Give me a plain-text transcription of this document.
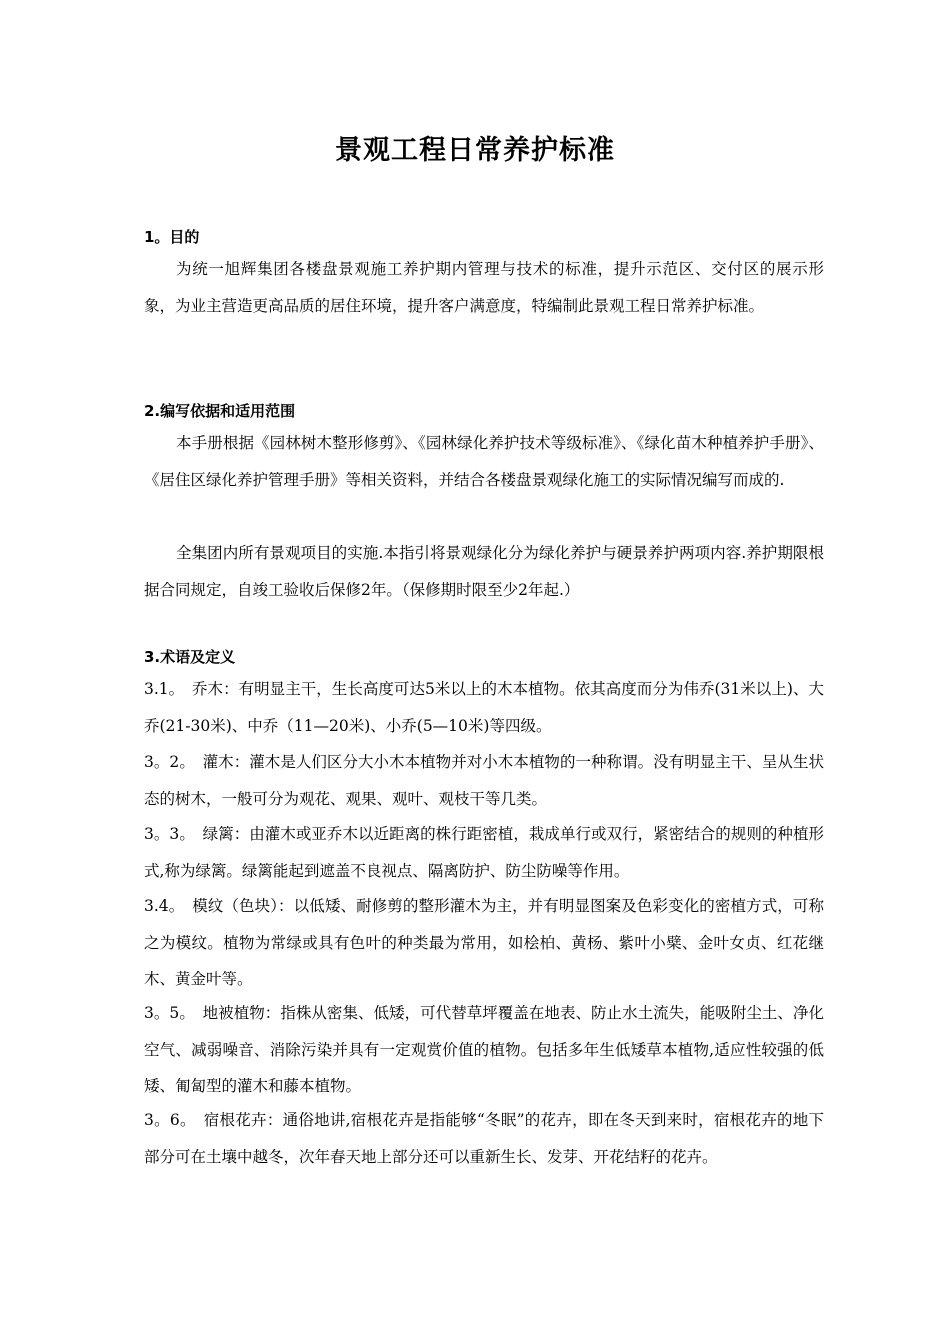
景观工程日常养护标准
1。目的
为统一旭辉集团各楼盘景观施工养护期内管理与技术的标准，提升示范区、交付区的展示形象，为业主营造更高品质的居住环境，提升客户满意度，特编制此景观工程日常养护标准。
2.编写依据和适用范围
本手册根据《园林树木整形修剪》、《园林绿化养护技术等级标准》、《绿化苗木种植养护手册》、《居住区绿化养护管理手册》等相关资料，并结合各楼盘景观绿化施工的实际情况编写而成的.
全集团内所有景观项目的实施.本指引将景观绿化分为绿化养护与硬景养护两项内容.养护期限根据合同规定，自竣工验收后保修2年。（保修期时限至少2年起.）
3.术语及定义
3.1。　乔木：有明显主干，生长高度可达5米以上的木本植物。依其高度而分为伟乔(31米以上)、大乔(21-30米)、中乔（11—20米)、小乔(5—10米)等四级。
3。2。　灌木：灌木是人们区分大小木本植物并对小木本植物的一种称谓。没有明显主干、呈从生状态的树木，一般可分为观花、观果、观叶、观枝干等几类。
3。3。　绿篱：由灌木或亚乔木以近距离的株行距密植，栽成单行或双行，紧密结合的规则的种植形式,称为绿篱。绿篱能起到遮盖不良视点、隔离防护、防尘防噪等作用。
3.4。　模纹（色块）：以低矮、耐修剪的整形灌木为主，并有明显图案及色彩变化的密植方式，可称之为模纹。植物为常绿或具有色叶的种类最为常用，如桧柏、黄杨、紫叶小檗、金叶女贞、红花继木、黄金叶等。
3。5。　地被植物：指株从密集、低矮，可代替草坪覆盖在地表、防止水土流失，能吸附尘土、净化空气、减弱噪音、消除污染并具有一定观赏价值的植物。包括多年生低矮草本植物,适应性较强的低矮、匍匐型的灌木和藤本植物。
3。6。　宿根花卉：通俗地讲,宿根花卉是指能够“冬眠”的花卉，即在冬天到来时，宿根花卉的地下部分可在土壤中越冬，次年春天地上部分还可以重新生长、发芽、开花结籽的花卉。
